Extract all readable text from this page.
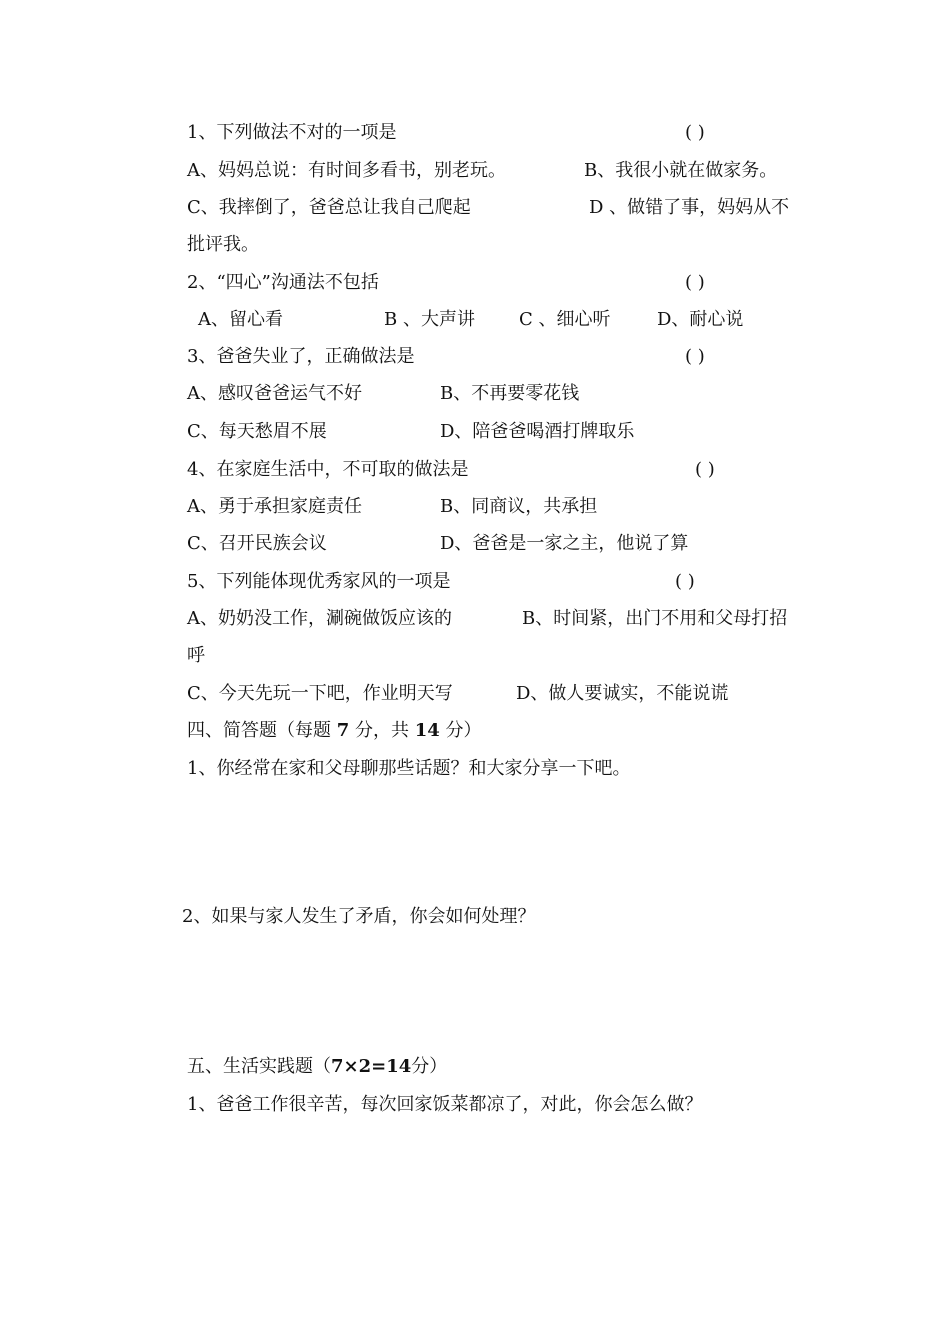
1、下列做法不对的一项是	( )
A、妈妈总说：有时间多看书，别老玩。	B、我很小就在做家务。
C、我摔倒了，爸爸总让我自己爬起	D 、做错了事，妈妈从不
批评我。
2、“四心”沟通法不包括	( )
A、留心看	B 、大声讲 C 、细心听	D、耐心说
3、爸爸失业了，正确做法是	( )
A、感叹爸爸运气不好	B、不再要零花钱
C、每天愁眉不展	D、陪爸爸喝酒打牌取乐
4、在家庭生活中，不可取的做法是	( )
A、勇于承担家庭责任	B、同商议，共承担
C、召开民族会议	D、爸爸是一家之主，他说了算
5、下列能体现优秀家风的一项是	( )
A、奶奶没工作，涮碗做饭应该的	B、时间紧，出门不用和父母打招
呼
C、今天先玩一下吧，作业明天写	D、做人要诚实，不能说谎
四、简答题（每题 7 分，共 14 分）
1、你经常在家和父母聊那些话题？和大家分享一下吧。
2、如果与家人发生了矛盾，你会如何处理？
五、生活实践题（7×2=14分）
1、爸爸工作很辛苦，每次回家饭菜都凉了，对此，你会怎么做？
